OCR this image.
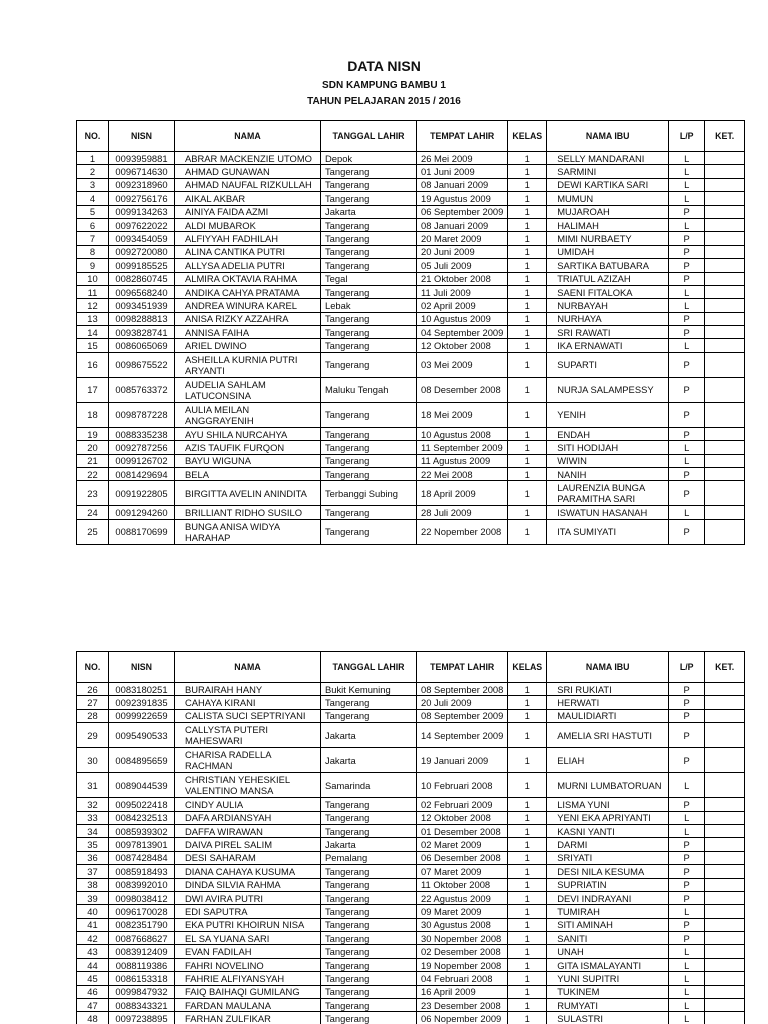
DATA NISN
SDN KAMPUNG BAMBU 1
TAHUN PELAJARAN 2015 / 2016
NO.	NISN	NAMA	TANGGAL LAHIR	TEMPAT LAHIR	KELAS	NAMA IBU	L/P	KET.
1	0093959881	ABRAR MACKENZIE UTOMO	Depok	26 Mei 2009	1	SELLY MANDARANI	L	
2	0096714630	AHMAD GUNAWAN	Tangerang	01 Juni 2009	1	SARMINI	L	
3	0092318960	AHMAD NAUFAL RIZKULLAH	Tangerang	08 Januari 2009	1	DEWI KARTIKA SARI	L	
4	0092756176	AIKAL AKBAR	Tangerang	19 Agustus 2009	1	MUMUN	L	
5	0099134263	AINIYA FAIDA AZMI	Jakarta	06 September 2009	1	MUJAROAH	P	
6	0097622022	ALDI MUBAROK	Tangerang	08 Januari 2009	1	HALIMAH	L	
7	0093454059	ALFIYYAH FADHILAH	Tangerang	20 Maret 2009	1	MIMI NURBAETY	P	
8	0092720080	ALINA CANTIKA PUTRI	Tangerang	20 Juni 2009	1	UMIDAH	P	
9	0099185525	ALLYSA ADELIA PUTRI	Tangerang	05 Juli 2009	1	SARTIKA BATUBARA	P	
10	0082860745	ALMIRA OKTAVIA RAHMA	Tegal	21 Oktober 2008	1	TRIATUL AZIZAH	P	
11	0096568240	ANDIKA CAHYA PRATAMA	Tangerang	11 Juli 2009	1	SAENI FITALOKA	L	
12	0093451939	ANDREA WINURA KAREL	Lebak	02 April 2009	1	NURBAYAH	L	
13	0098288813	ANISA RIZKY AZZAHRA	Tangerang	10 Agustus 2009	1	NURHAYA	P	
14	0093828741	ANNISA FAIHA	Tangerang	04 September 2009	1	SRI RAWATI	P	
15	0086065069	ARIEL DWINO	Tangerang	12 Oktober 2008	1	IKA ERNAWATI	L	
16	0098675522	ASHEILLA KURNIA PUTRI ARYANTI	Tangerang	03 Mei 2009	1	SUPARTI	P	
17	0085763372	AUDELIA SAHLAM LATUCONSINA	Maluku Tengah	08 Desember 2008	1	NURJA SALAMPESSY	P	
18	0098787228	AULIA MEILAN ANGGRAYENIH	Tangerang	18 Mei 2009	1	YENIH	P	
19	0088335238	AYU SHILA NURCAHYA	Tangerang	10 Agustus 2008	1	ENDAH	P	
20	0092787256	AZIS TAUFIK FURQON	Tangerang	11 September 2009	1	SITI HODIJAH	L	
21	0099126702	BAYU WIGUNA	Tangerang	11 Agustus 2009	1	WIWIN	L	
22	0081429694	BELA	Tangerang	22 Mei 2008	1	NANIH	P	
23	0091922805	BIRGITTA AVELIN ANINDITA	Terbanggi Subing	18 April 2009	1	LAURENZIA BUNGA PARAMITHA SARI	P	
24	0091294260	BRILLIANT RIDHO SUSILO	Tangerang	28 Juli 2009	1	ISWATUN HASANAH	L	
25	0088170699	BUNGA ANISA WIDYA HARAHAP	Tangerang	22 Nopember 2008	1	ITA SUMIYATI	P	
NO.	NISN	NAMA	TANGGAL LAHIR	TEMPAT LAHIR	KELAS	NAMA IBU	L/P	KET.
26	0083180251	BURAIRAH HANY	Bukit Kemuning	08 September 2008	1	SRI RUKIATI	P	
27	0092391835	CAHAYA KIRANI	Tangerang	20 Juli 2009	1	HERWATI	P	
28	0099922659	CALISTA SUCI SEPTRIYANI	Tangerang	08 September 2009	1	MAULIDIARTI	P	
29	0095490533	CALLYSTA PUTERI MAHESWARI	Jakarta	14 September 2009	1	AMELIA SRI HASTUTI	P	
30	0084895659	CHARISA RADELLA RACHMAN	Jakarta	19 Januari 2009	1	ELIAH	P	
31	0089044539	CHRISTIAN YEHESKIEL VALENTINO MANSA	Samarinda	10 Februari 2008	1	MURNI LUMBATORUAN	L	
32	0095022418	CINDY AULIA	Tangerang	02 Februari 2009	1	LISMA YUNI	P	
33	0084232513	DAFA ARDIANSYAH	Tangerang	12 Oktober 2008	1	YENI EKA APRIYANTI	L	
34	0085939302	DAFFA WIRAWAN	Tangerang	01 Desember 2008	1	KASNI YANTI	L	
35	0097813901	DAIVA PIREL SALIM	Jakarta	02 Maret 2009	1	DARMI	P	
36	0087428484	DESI SAHARAM	Pemalang	06 Desember 2008	1	SRIYATI	P	
37	0085918493	DIANA CAHAYA KUSUMA	Tangerang	07 Maret 2009	1	DESI NILA KESUMA	P	
38	0083992010	DINDA SILVIA RAHMA	Tangerang	11 Oktober 2008	1	SUPRIATIN	P	
39	0098038412	DWI AVIRA PUTRI	Tangerang	22 Agustus 2009	1	DEVI INDRAYANI	P	
40	0096170028	EDI SAPUTRA	Tangerang	09 Maret 2009	1	TUMIRAH	L	
41	0082351790	EKA PUTRI KHOIRUN NISA	Tangerang	30 Agustus 2008	1	SITI AMINAH	P	
42	0087668627	EL SA YUANA SARI	Tangerang	30 Nopember 2008	1	SANITI	P	
43	0083912409	EVAN FADILAH	Tangerang	02 Desember 2008	1	UNAH	L	
44	0088119386	FAHRI NOVELINO	Tangerang	19 Nopember 2008	1	GITA ISMALAYANTI	L	
45	0086153318	FAHRIE ALFIYANSYAH	Tangerang	04 Februari 2008	1	YUNI SUPITRI	L	
46	0099847932	FAIQ BAIHAQI GUMILANG	Tangerang	16 April 2009	1	TUKINEM	L	
47	0088343321	FARDAN MAULANA	Tangerang	23 Desember 2008	1	RUMYATI	L	
48	0097238895	FARHAN ZULFIKAR	Tangerang	06 Nopember 2009	1	SULASTRI	L	
